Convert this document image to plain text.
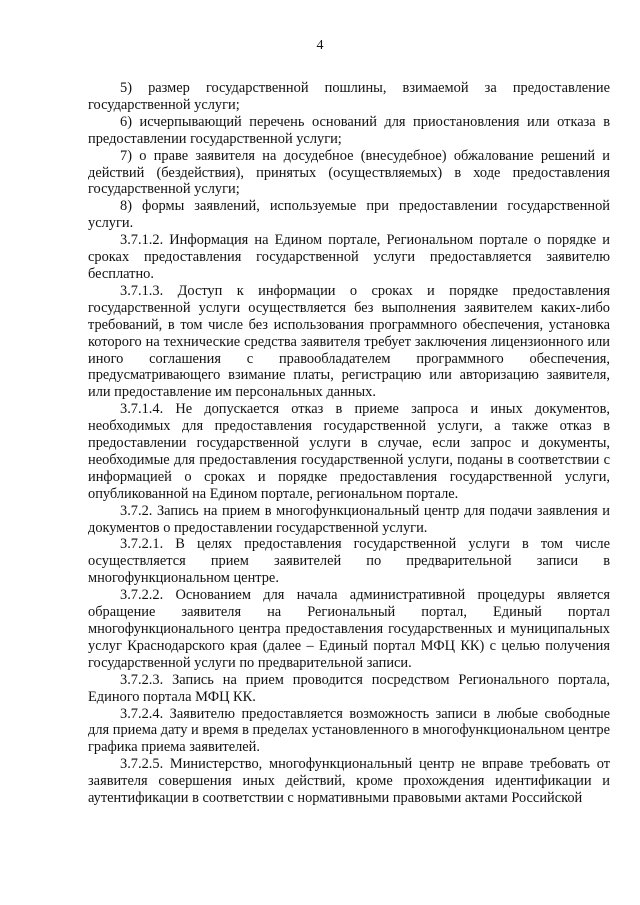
4

5) размер государственной пошлины, взимаемой за предоставление государственной услуги;

6) исчерпывающий перечень оснований для приостановления или отказа в предоставлении государственной услуги;

7) о праве заявителя на досудебное (внесудебное) обжалование решений и действий (бездействия), принятых (осуществляемых) в ходе предоставления государственной услуги;

8) формы заявлений, используемые при предоставлении государственной услуги.

3.7.1.2. Информация на Едином портале, Региональном портале о порядке и сроках предоставления государственной услуги предоставляется заявителю бесплатно.

3.7.1.3. Доступ к информации о сроках и порядке предоставления государственной услуги осуществляется без выполнения заявителем каких-либо требований, в том числе без использования программного обеспечения, установка которого на технические средства заявителя требует заключения лицензионного или иного соглашения с правообладателем программного обеспечения, предусматривающего взимание платы, регистрацию или авторизацию заявителя, или предоставление им персональных данных.

3.7.1.4. Не допускается отказ в приеме запроса и иных документов, необходимых для предоставления государственной услуги, а также отказ в предоставлении государственной услуги в случае, если запрос и документы, необходимые для предоставления государственной услуги, поданы в соответствии с информацией о сроках и порядке предоставления государственной услуги, опубликованной на Едином портале, региональном портале.

3.7.2. Запись на прием в многофункциональный центр для подачи заявления и документов о предоставлении государственной услуги.

3.7.2.1. В целях предоставления государственной услуги в том числе осуществляется прием заявителей по предварительной записи в многофункциональном центре.

3.7.2.2. Основанием для начала административной процедуры является обращение заявителя на Региональный портал, Единый портал многофункционального центра предоставления государственных и муниципальных услуг Краснодарского края (далее – Единый портал МФЦ КК) с целью получения государственной услуги по предварительной записи.

3.7.2.3. Запись на прием проводится посредством Регионального портала, Единого портала МФЦ КК.

3.7.2.4. Заявителю предоставляется возможность записи в любые свободные для приема дату и время в пределах установленного в многофункциональном центре графика приема заявителей.

3.7.2.5. Министерство, многофункциональный центр не вправе требовать от заявителя совершения иных действий, кроме прохождения идентификации и аутентификации в соответствии с нормативными правовыми актами Российской
